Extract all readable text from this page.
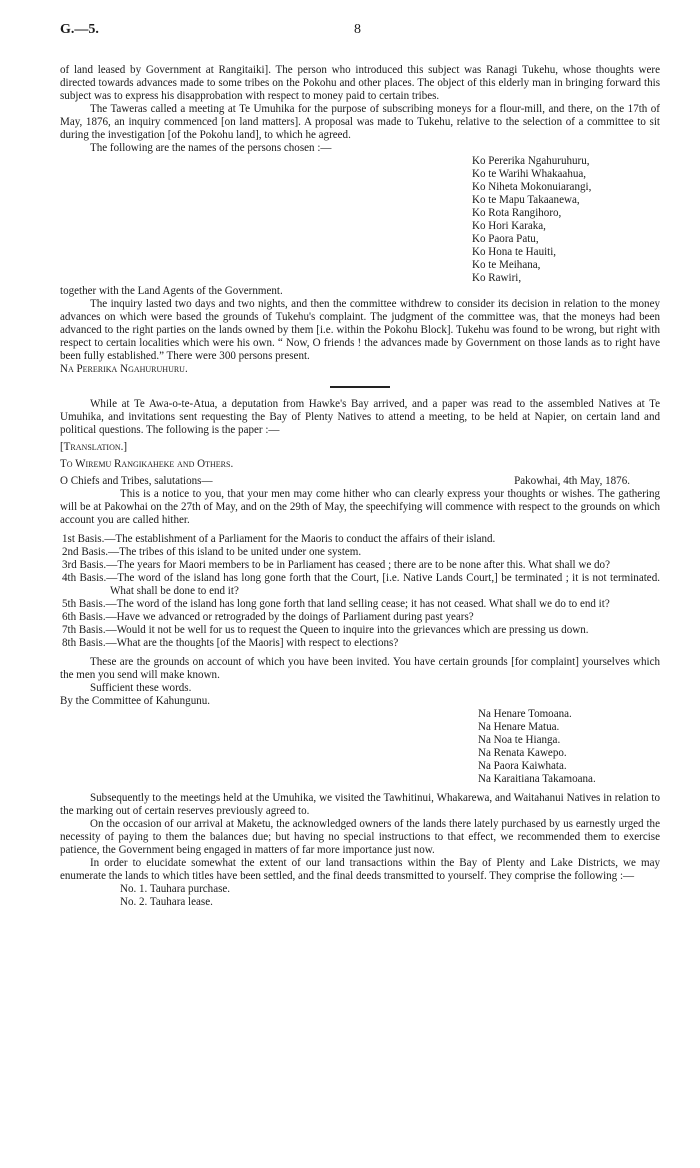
G.—5.	8

of land leased by Government at Rangitaiki]. The person who introduced this subject was Ranagi Tukehu, whose thoughts were directed towards advances made to some tribes on the Pokohu and other places. The object of this elderly man in bringing forward this subject was to express his disapprobation with respect to money paid to certain tribes.

The Taweras called a meeting at Te Umuhika for the purpose of subscribing moneys for a flour-mill, and there, on the 17th of May, 1876, an inquiry commenced [on land matters]. A proposal was made to Tukehu, relative to the selection of a committee to sit during the investigation [of the Pokohu land], to which he agreed.

The following are the names of the persons chosen :—

Ko Pererika Ngahuruhuru,
Ko te Warihi Whakaahua,
Ko Niheta Mokonuiarangi,
Ko te Mapu Takaanewa,
Ko Rota Rangihoro,
Ko Hori Karaka,
Ko Paora Patu,
Ko Hona te Hauiti,
Ko te Meihana,
Ko Rawiri,

together with the Land Agents of the Government.

The inquiry lasted two days and two nights, and then the committee withdrew to consider its decision in relation to the money advances on which were based the grounds of Tukehu's complaint. The judgment of the committee was, that the moneys had been advanced to the right parties on the lands owned by them [i.e. within the Pokohu Block]. Tukehu was found to be wrong, but right with respect to certain localities which were his own. “ Now, O friends ! the advances made by Government on those lands as to right have been fully established.” There were 300 persons present.

Na Pererika Ngahuruhuru.

While at Te Awa-o-te-Atua, a deputation from Hawke's Bay arrived, and a paper was read to the assembled Natives at Te Umuhika, and invitations sent requesting the Bay of Plenty Natives to attend a meeting, to be held at Napier, on certain land and political questions. The following is the paper :—

[Translation.]

To Wiremu Rangikaheke and Others.

O Chiefs and Tribes, salutations—	Pakowhai, 4th May, 1876.

This is a notice to you, that your men may come hither who can clearly express your thoughts or wishes. The gathering will be at Pakowhai on the 27th of May, and on the 29th of May, the speechifying will commence with respect to the grounds on which account you are called hither.

1st Basis.—The establishment of a Parliament for the Maoris to conduct the affairs of their island.
2nd Basis.—The tribes of this island to be united under one system.
3rd Basis.—The years for Maori members to be in Parliament has ceased ; there are to be none after this. What shall we do?
4th Basis.—The word of the island has long gone forth that the Court, [i.e. Native Lands Court,] be terminated ; it is not terminated. What shall be done to end it?
5th Basis.—The word of the island has long gone forth that land selling cease; it has not ceased. What shall we do to end it?
6th Basis.—Have we advanced or retrograded by the doings of Parliament during past years?
7th Basis.—Would it not be well for us to request the Queen to inquire into the grievances which are pressing us down.
8th Basis.—What are the thoughts [of the Maoris] with respect to elections?

These are the grounds on account of which you have been invited. You have certain grounds [for complaint] yourselves which the men you send will make known.

Sufficient these words.

By the Committee of Kahungunu.

Na Henare Tomoana.
Na Henare Matua.
Na Noa te Hianga.
Na Renata Kawepo.
Na Paora Kaiwhata.
Na Karaitiana Takamoana.

Subsequently to the meetings held at the Umuhika, we visited the Tawhitinui, Whakarewa, and Waitahanui Natives in relation to the marking out of certain reserves previously agreed to.

On the occasion of our arrival at Maketu, the acknowledged owners of the lands there lately purchased by us earnestly urged the necessity of paying to them the balances due; but having no special instructions to that effect, we recommended them to exercise patience, the Government being engaged in matters of far more importance just now.

In order to elucidate somewhat the extent of our land transactions within the Bay of Plenty and Lake Districts, we may enumerate the lands to which titles have been settled, and the final deeds transmitted to yourself. They comprise the following :—

No. 1. Tauhara purchase.
No. 2. Tauhara lease.
